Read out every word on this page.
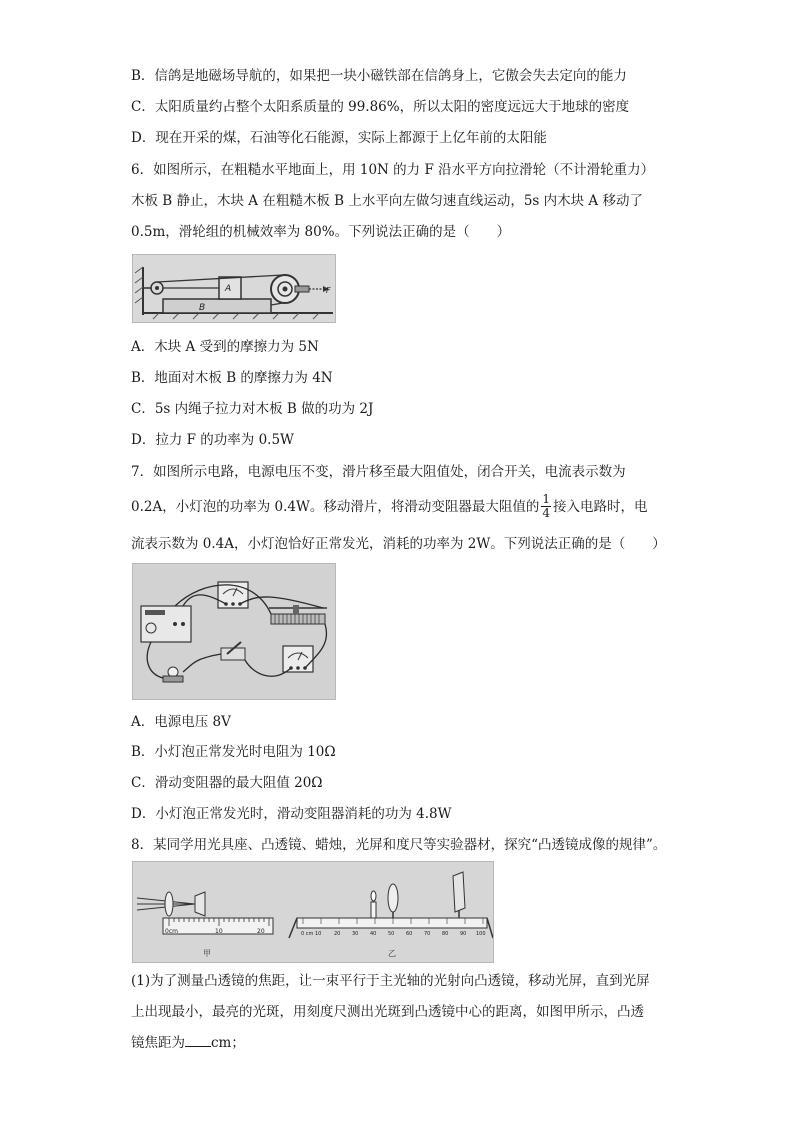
B．信鸽是地磁场导航的，如果把一块小磁铁部在信鸽身上，它傲会失去定向的能力
C．太阳质量约占整个太阳系质量的 99.86%，所以太阳的密度远远大于地球的密度
D．现在开采的煤，石油等化石能源，实际上都源于上亿年前的太阳能
6．如图所示，在粗糙水平地面上，用 10N 的力 F 沿水平方向拉滑轮（不计滑轮重力）
木板 B 静止，木块 A 在粗糙木板 B 上水平向左做匀速直线运动，5s 内木块 A 移动了
0.5m，滑轮组的机械效率为 80%。下列说法正确的是（　　）
B
A	F
A．木块 A 受到的摩擦力为 5N
B．地面对木板 B 的摩擦力为 4N
C．5s 内绳子拉力对木板 B 做的功为 2J
D．拉力 F 的功率为 0.5W
7．如图所示电路，电源电压不变，滑片移至最大阻值处，闭合开关，电流表示数为
0.2A，小灯泡的功率为 0.4W。移动滑片，将滑动变阻器最大阻值的 $\frac{1}{4}$ 接入电路时，电
流表示数为 0.4A，小灯泡恰好正常发光，消耗的功率为 2W。下列说法正确的是（　　）
A．电源电压 8V
B．小灯泡正常发光时电阻为 10Ω
C．滑动变阻器的最大阻值 20Ω
D．小灯泡正常发光时，滑动变阻器消耗的功为 4.8W
8．某同学用光具座、凸透镜、蜡烛，光屏和度尺等实验器材，探究“凸透镜成像的规律”。
0cm	10	20
甲
0 cm 10	20 30 40 50 60 70 80 90 100
乙
(1)为了测量凸透镜的焦距，让一束平行于主光轴的光射向凸透镜，移动光屏，直到光屏
上出现最小，最亮的光斑，用刻度尺测出光斑到凸透镜中心的距离，如图甲所示，凸透
镜焦距为 cm；
